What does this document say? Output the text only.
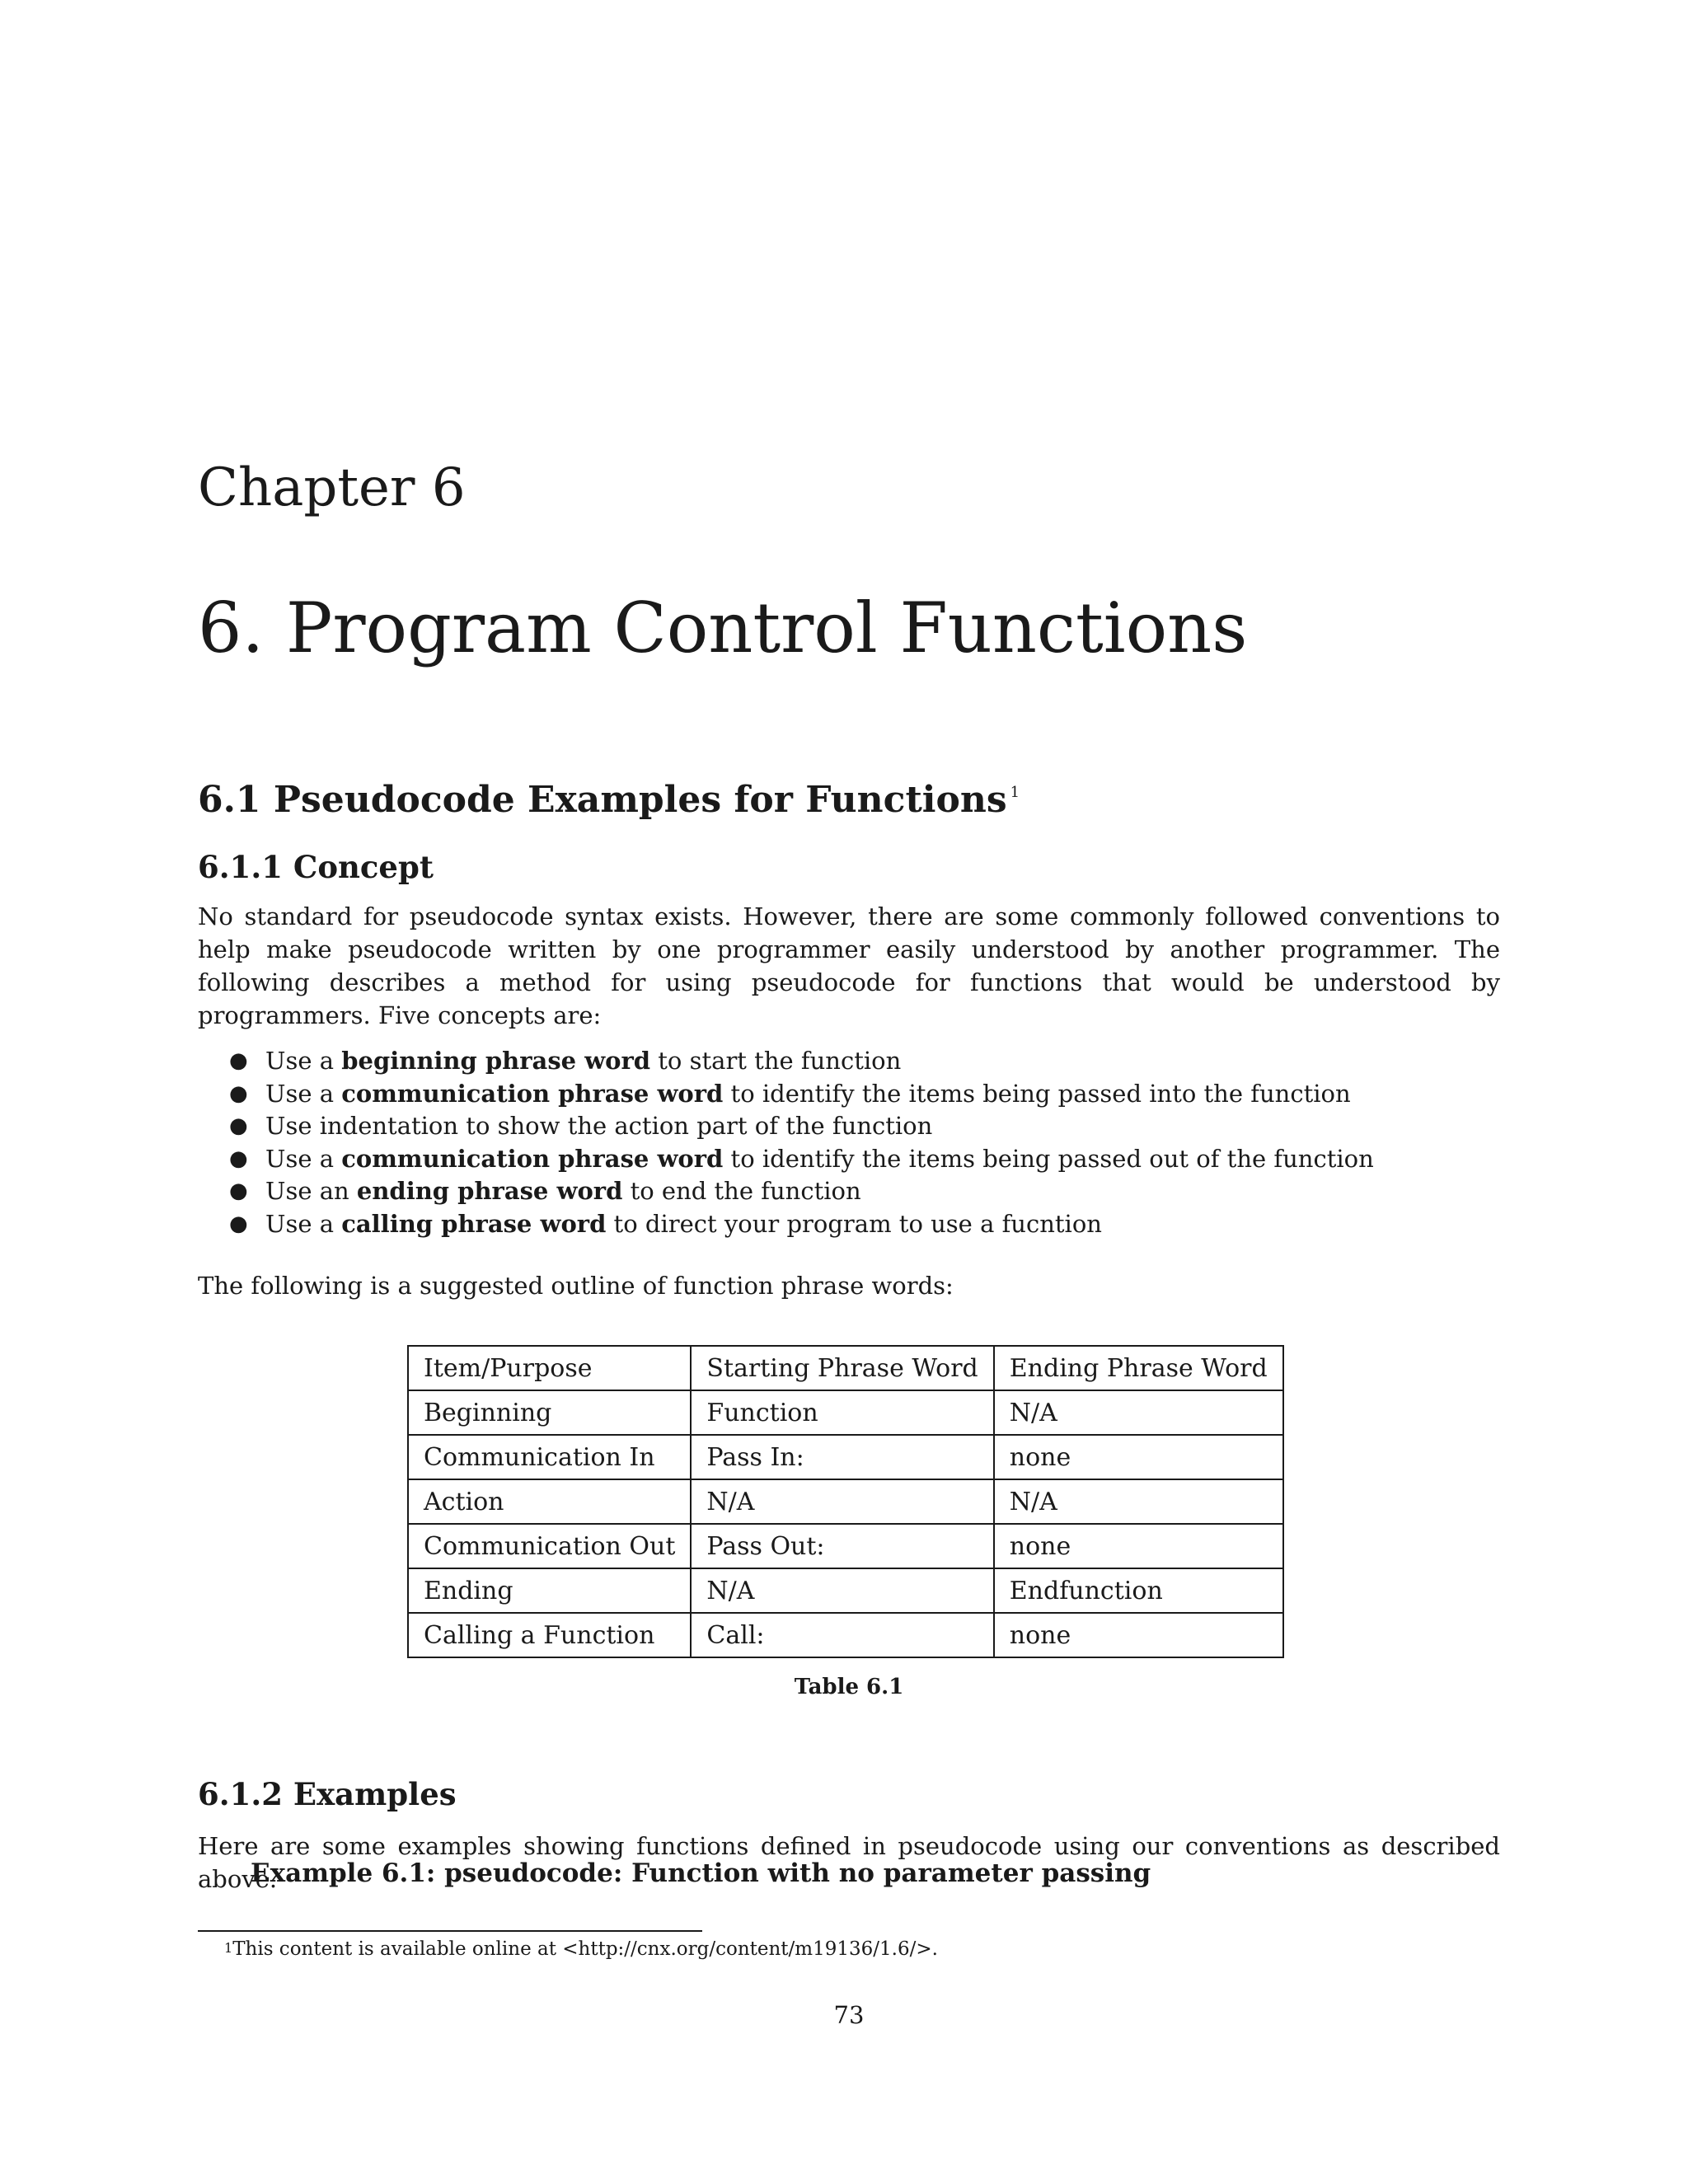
Chapter 6
6. Program Control Functions
6.1 Pseudocode Examples for Functions $^1$
6.1.1 Concept

No standard for pseudocode syntax exists. However, there are some commonly followed conventions to help make pseudocode written by one programmer easily understood by another programmer. The following describes a method for using pseudocode for functions that would be understood by programmers. Five concepts are:

● Use a beginning phrase word to start the function
● Use a communication phrase word to identify the items being passed into the function
● Use indentation to show the action part of the function
● Use a communication phrase word to identify the items being passed out of the function
● Use an ending phrase word to end the function
● Use a calling phrase word to direct your program to use a fucntion

The following is a suggested outline of function phrase words:

Item/Purpose	Starting Phrase Word	Ending Phrase Word
Beginning	Function	N/A
Communication In	Pass In:	none
Action	N/A	N/A
Communication Out	Pass Out:	none
Ending	N/A	Endfunction
Calling a Function	Call:	none

Table 6.1

6.1.2 Examples

Here are some examples showing functions defined in pseudocode using our conventions as described above.

Example 6.1: pseudocode: Function with no parameter passing

$^1$This content is available online at <http://cnx.org/content/m19136/1.6/>.

73
